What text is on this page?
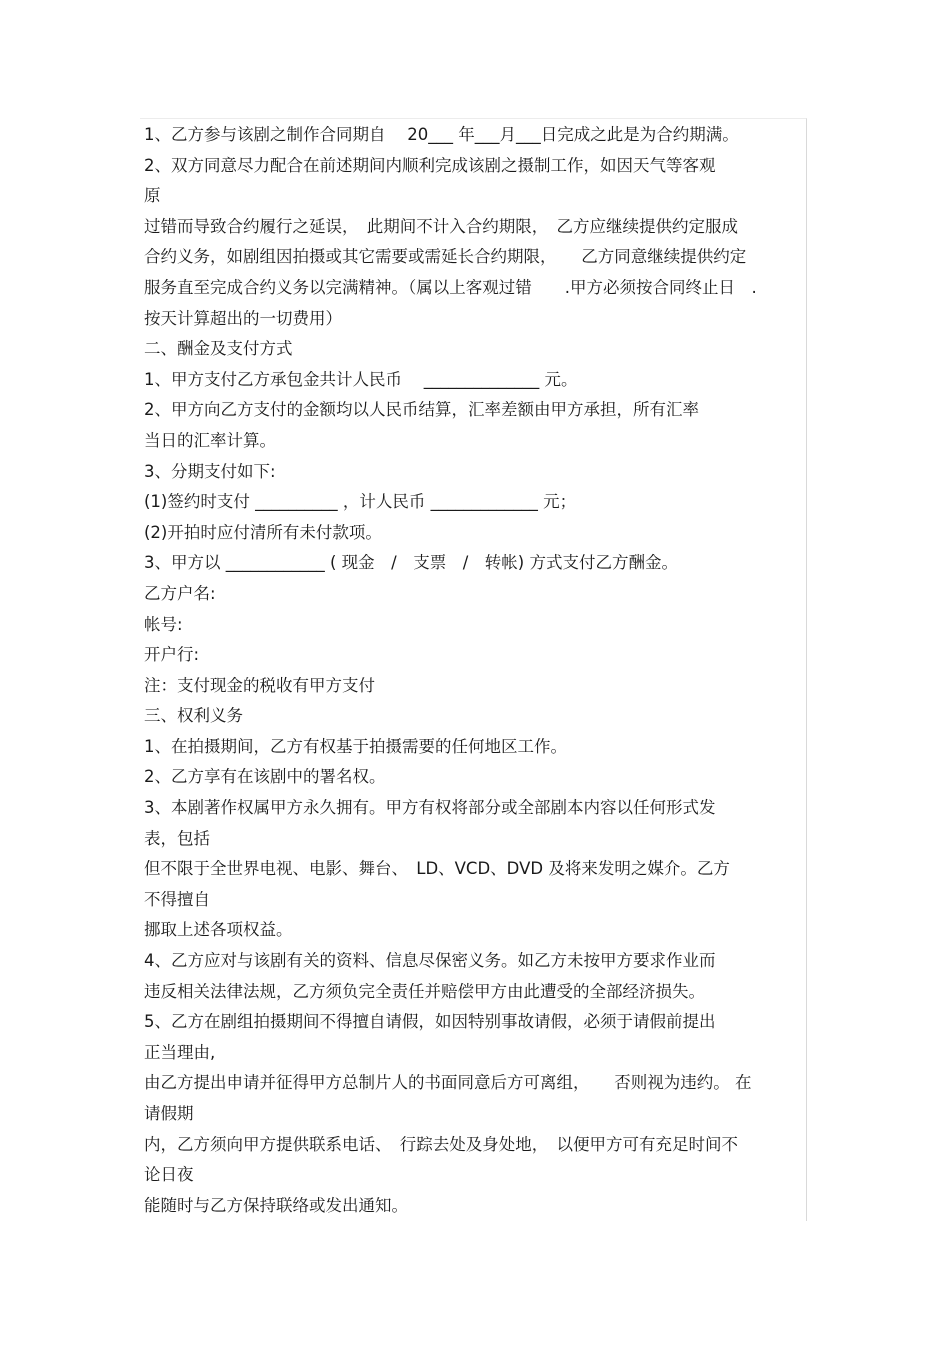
1、乙方参与该剧之制作合同期自　 20___ 年___月___日完成之此是为合约期满。
2、双方同意尽力配合在前述期间内顺利完成该剧之摄制工作，如因天气等客观
原
过错而导致合约履行之延误，　此期间不计入合约期限，　乙方应继续提供约定服成
合约义务，如剧组因拍摄或其它需要或需延长合约期限，　　乙方同意继续提供约定
服务直至完成合约义务以完满精神。（属以上客观过错　　.甲方必须按合同终止日　.
按天计算超出的一切费用）
二、酬金及支付方式
1、甲方支付乙方承包金共计人民币　 ______________ 元。
2、甲方向乙方支付的金额均以人民币结算，汇率差额由甲方承担，所有汇率
当日的汇率计算。
3、分期支付如下:
(1)签约时支付 __________ ，计人民币 _____________ 元；
(2)开拍时应付清所有未付款项。
3、甲方以 ____________ ( 现金　/　支票　/　转帐) 方式支付乙方酬金。
乙方户名:
帐号:
开户行:
注：支付现金的税收有甲方支付
三、权利义务
1、在拍摄期间，乙方有权基于拍摄需要的任何地区工作。
2、乙方享有在该剧中的署名权。
3、本剧著作权属甲方永久拥有。甲方有权将部分或全部剧本内容以任何形式发
表，包括
但不限于全世界电视、电影、舞台、　LD、VCD、DVD 及将来发明之媒介。乙方
不得擅自
挪取上述各项权益。
4、乙方应对与该剧有关的资料、信息尽保密义务。如乙方未按甲方要求作业而
违反相关法律法规，乙方须负完全责任并赔偿甲方由此遭受的全部经济损失。
5、乙方在剧组拍摄期间不得擅自请假，如因特别事故请假，必须于请假前提出
正当理由,
由乙方提出申请并征得甲方总制片人的书面同意后方可离组，　　否则视为违约。 在
请假期
内，乙方须向甲方提供联系电话、　行踪去处及身处地，　以便甲方可有充足时间不
论日夜
能随时与乙方保持联络或发出通知。
